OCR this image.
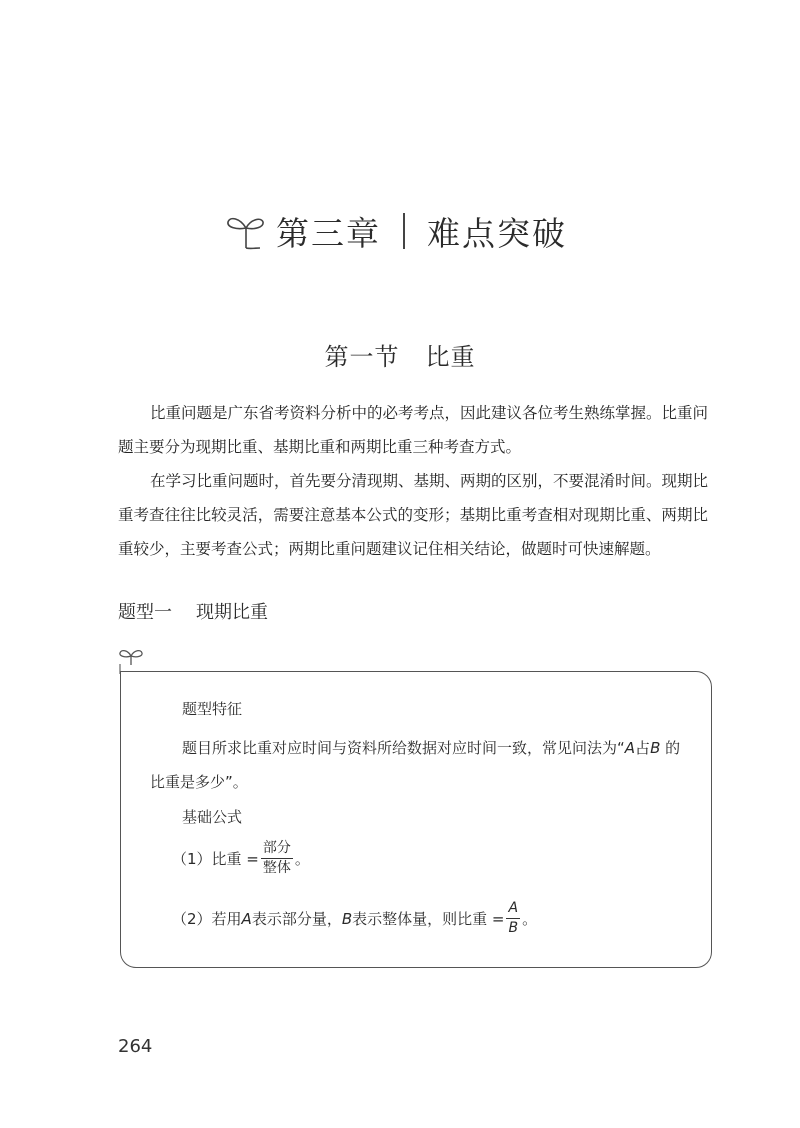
第三章 难点突破
第一节 比重

比重问题是广东省考资料分析中的必考考点，因此建议各位考生熟练掌握。比重问题主要分为现期比重、基期比重和两期比重三种考查方式。

在学习比重问题时，首先要分清现期、基期、两期的区别，不要混淆时间。现期比重考查往往比较灵活，需要注意基本公式的变形；基期比重考查相对现期比重、两期比重较少，主要考查公式；两期比重问题建议记住相关结论，做题时可快速解题。

题型一 现期比重
题型特征
题目所求比重对应时间与资料所给数据对应时间一致，常见问法为“A占B 的比重是多少”。
基础公式
（1）比重 = $\frac{\text{部分}}{\text{整体}}$ 。
（2）若用 A 表示部分量， B 表示整体量，则比重 = $\frac{A}{B}$ 。
264
